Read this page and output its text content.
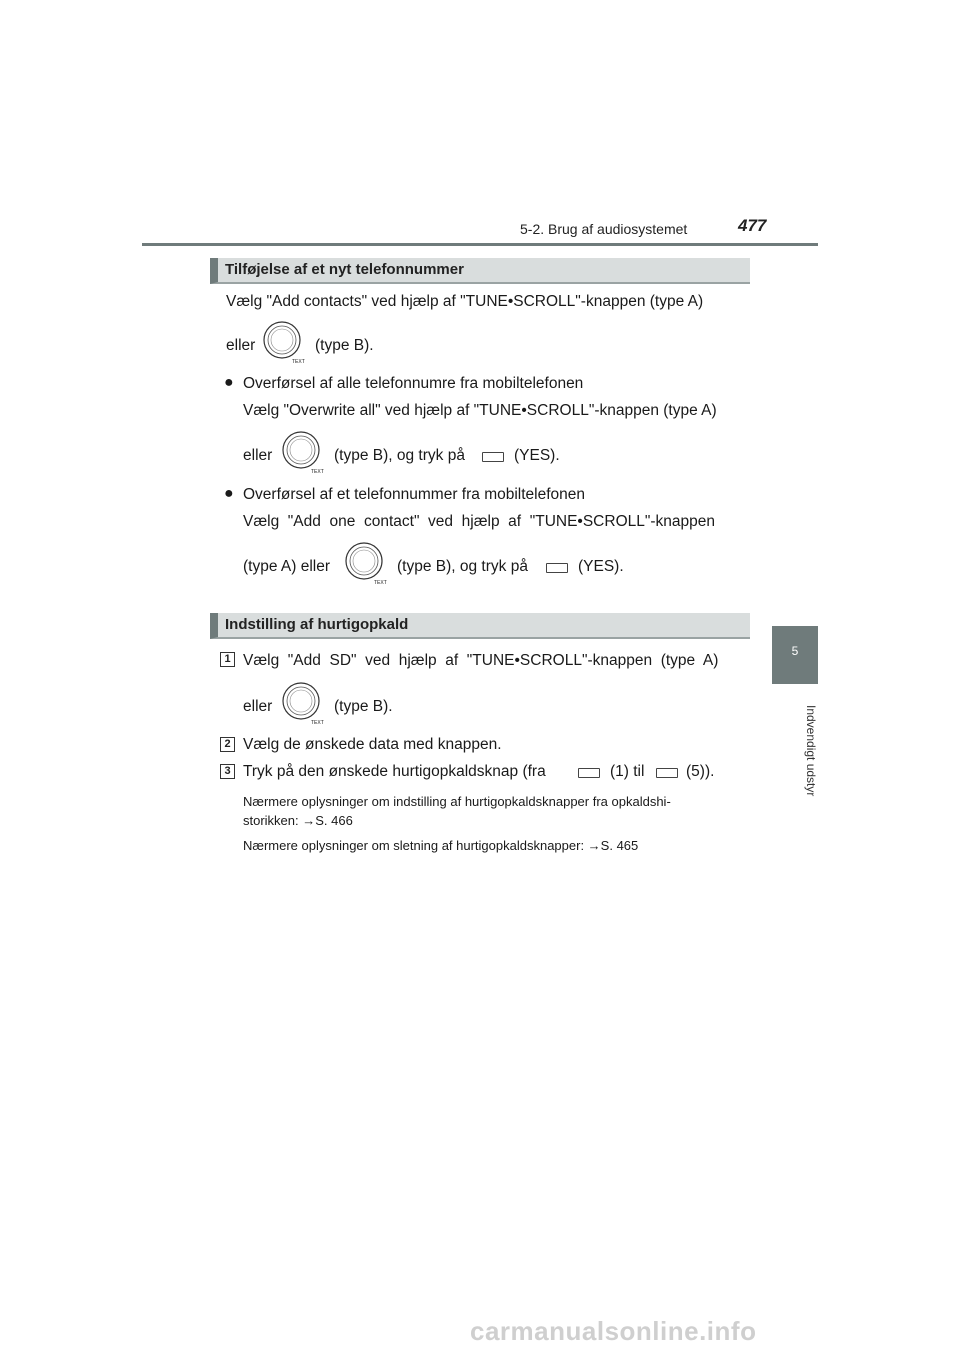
5-2. Brug af audiosystemet	477
5
Indvendigt udstyr
Tilføjelse af et nyt telefonnummer
Vælg "Add contacts" ved hjælp af "TUNE•SCROLL"-knappen (type A)
eller
TEXT
(type B).
● Overførsel af alle telefonnumre fra mobiltelefonen
Vælg "Overwrite all" ved hjælp af "TUNE•SCROLL"-knappen (type A)
eller
TEXT
(type B), og tryk på	(YES).
● Overførsel af et telefonnummer fra mobiltelefonen
Vælg  "Add  one  contact"  ved  hjælp  af  "TUNE•SCROLL"-knappen
(type A) eller
TEXT
(type B), og tryk på	(YES).
Indstilling af hurtigopkald
1 Vælg  "Add  SD"  ved  hjælp  af  "TUNE•SCROLL"-knappen  (type  A)
eller
TEXT
(type B).
2 Vælg de ønskede data med knappen.
3 Tryk på den ønskede hurtigopkaldsknap (fra	(1) til	(5)).
Nærmere oplysninger om indstilling af hurtigopkaldsknapper fra opkaldshi-
storikken: →S. 466
Nærmere oplysninger om sletning af hurtigopkaldsknapper: →S. 465
carmanualsonline.info
